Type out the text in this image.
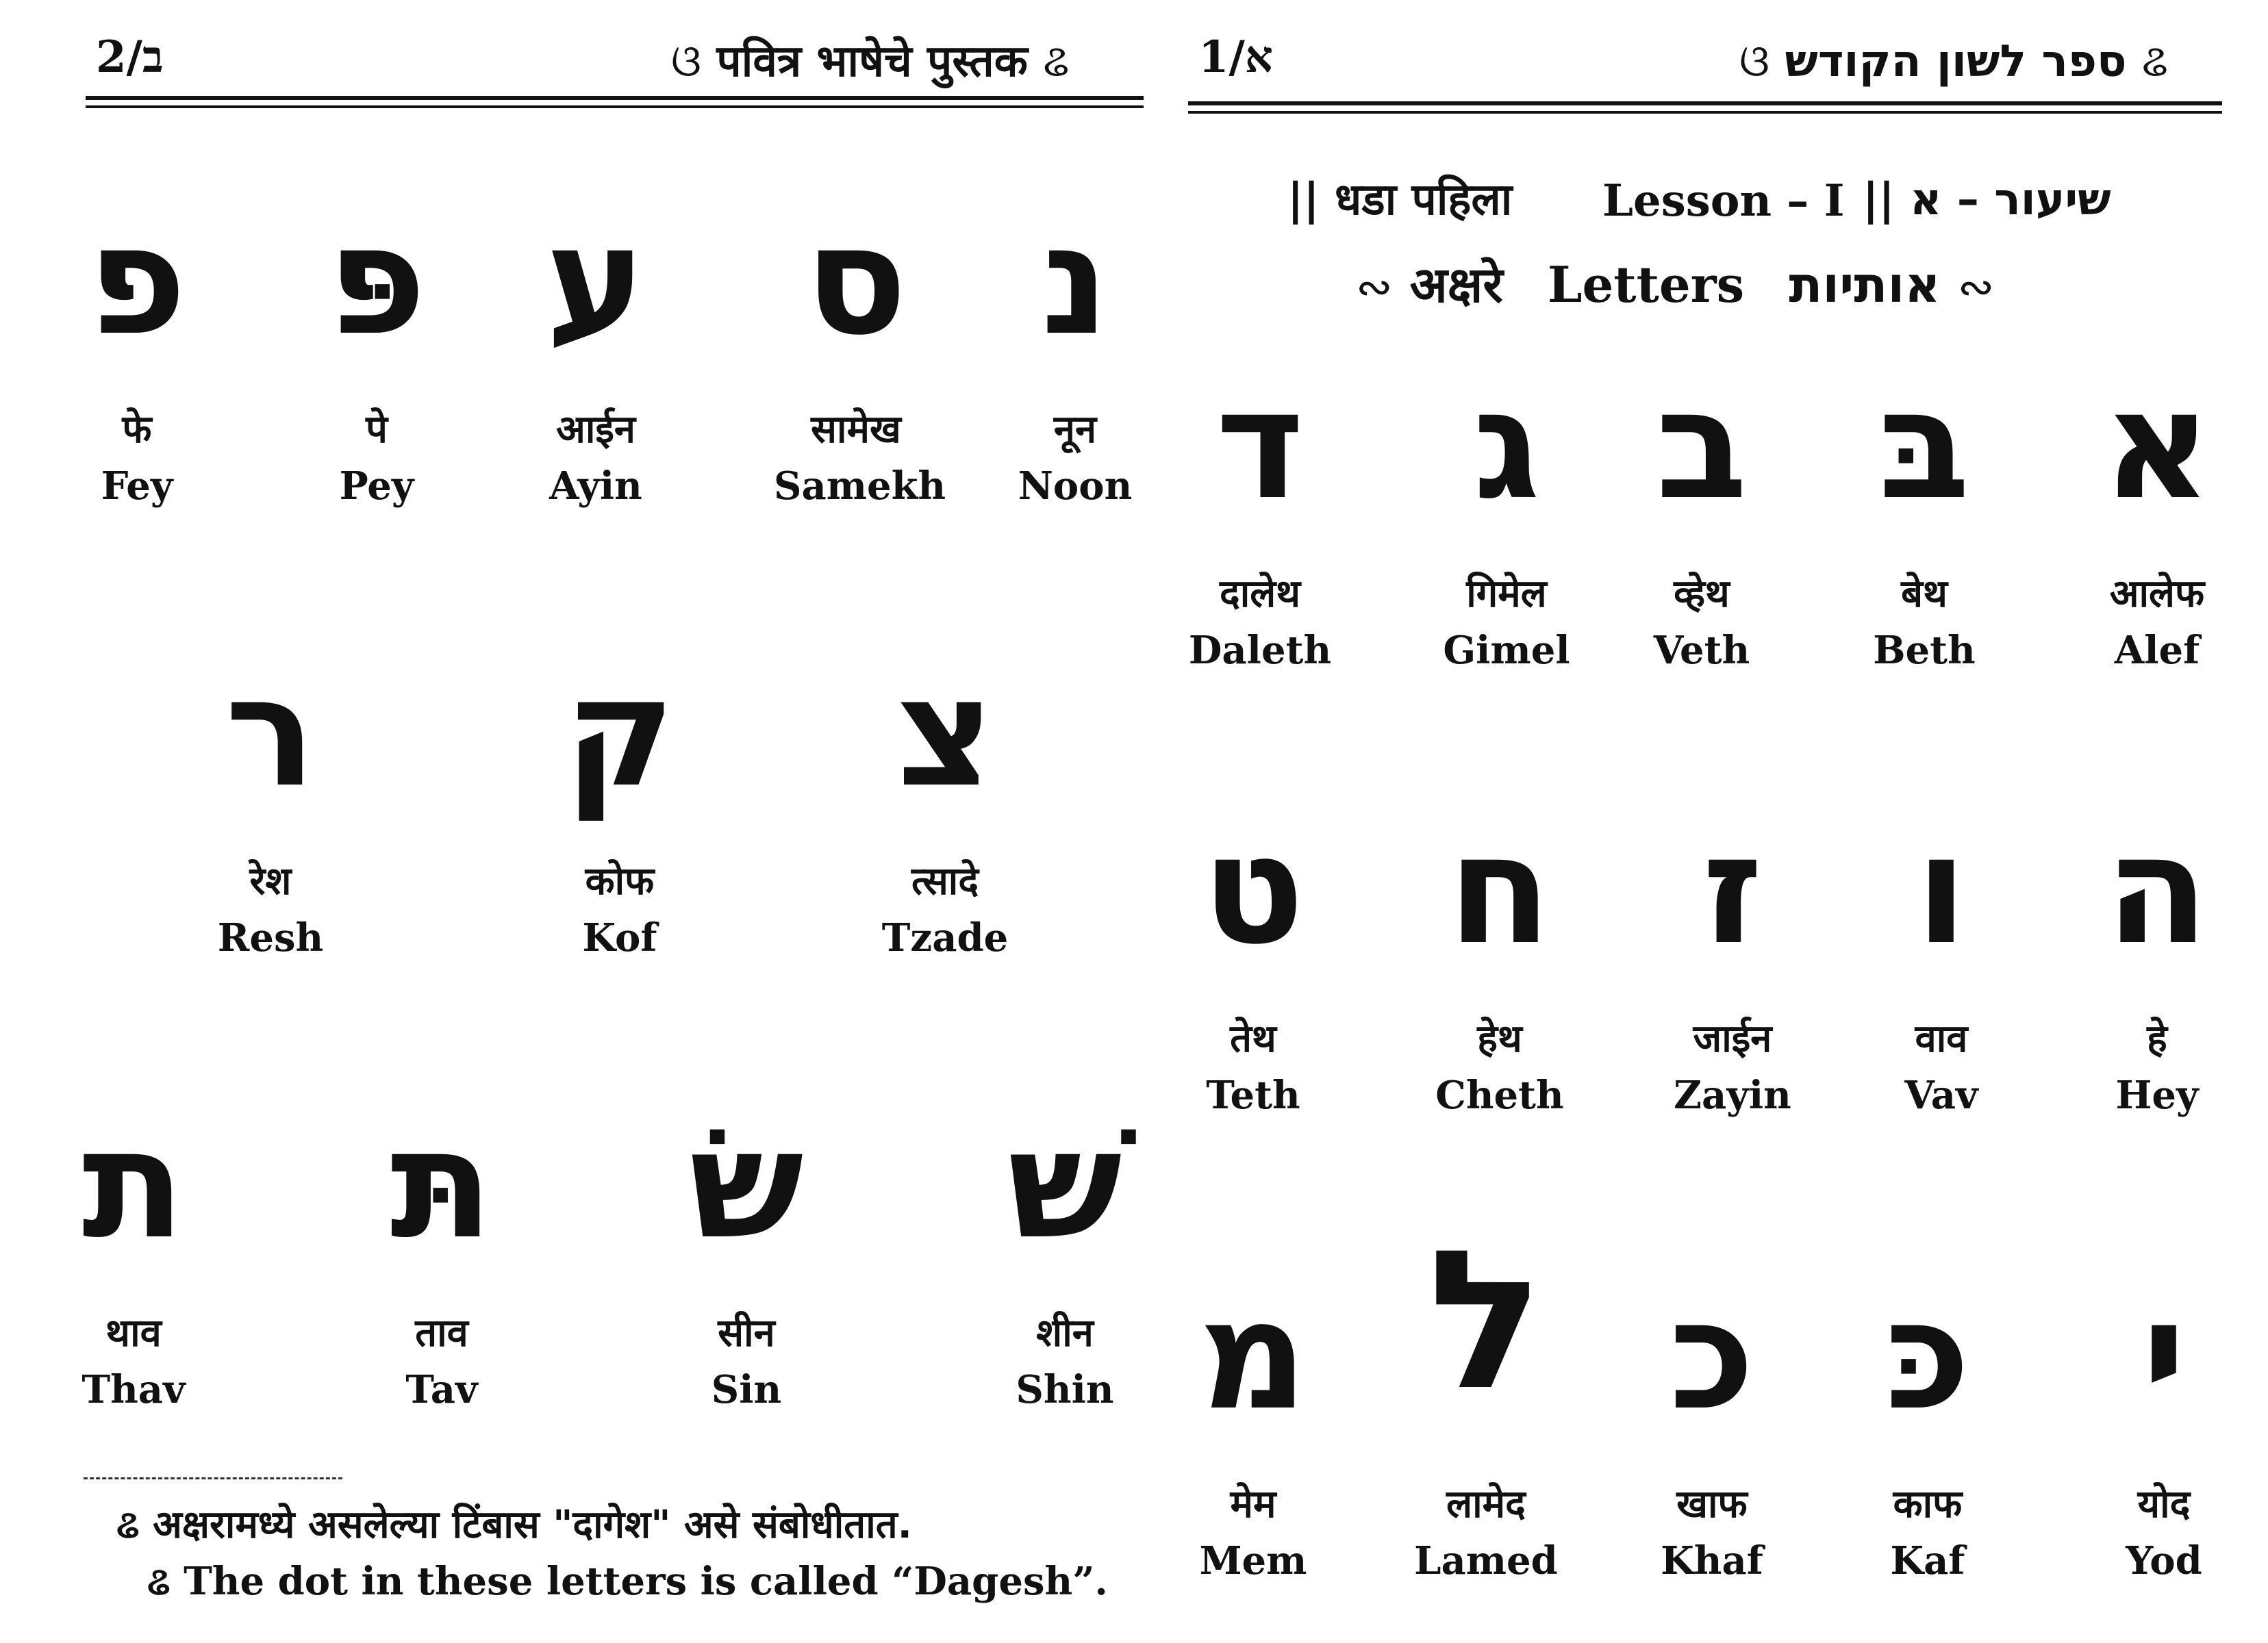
ב/2	ଓ पवित्र भाषेचे पुस्तक ଌ
פ
फे
Fey
פּ
पे
Pey
ע
आईन
Ayin
ס
सामेख
Samekh
נ
नून
Noon
ר
रेश
Resh
ק
कोफ
Kof
צ
त्सादे
Tzade
ת
थाव
Thav
תּ
ताव
Tav
שׂ
सीन
Sin
שׁ
शीन
Shin
ଌ अक्षरामध्ये असलेल्या टिंबास "दागेश" असे संबोधीतात.
ଌ The dot in these letters is called “Dagesh”.
א/1	ଓ ספר לשון הקודש ଌ
|| धडा पहिला Lesson – I שיעור – א ||
∾ अक्षरे Letters אותיות ∾
ד
दालेथ
Daleth
ג
गिमेल
Gimel
ב
व्हेथ
Veth
בּ
बेथ
Beth
א
आलेफ
Alef
ט
तेथ
Teth
ח
हेथ
Cheth
ז
जाईन
Zayin
ו
वाव
Vav
ה
हे
Hey
מ
मेम
Mem
ל
लामेद
Lamed
כ
खाफ
Khaf
כּ
काफ
Kaf
י
योद
Yod
